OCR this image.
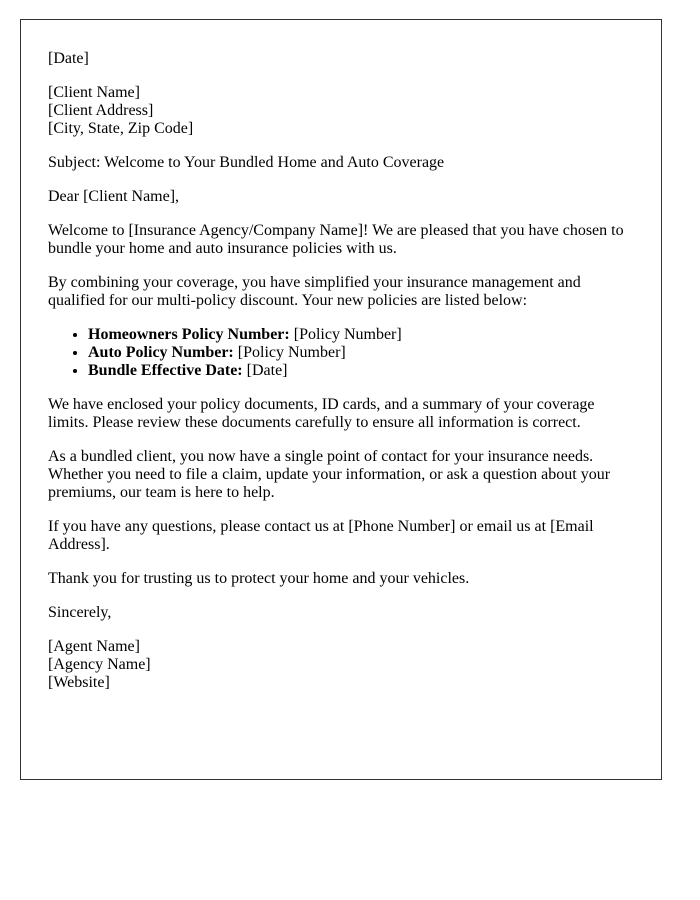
[Date]

[Client Name]
[Client Address]
[City, State, Zip Code]

Subject: Welcome to Your Bundled Home and Auto Coverage

Dear [Client Name],

Welcome to [Insurance Agency/Company Name]! We are pleased that you have chosen to bundle your home and auto insurance policies with us.

By combining your coverage, you have simplified your insurance management and qualified for our multi-policy discount. Your new policies are listed below:

• Homeowners Policy Number: [Policy Number]
• Auto Policy Number: [Policy Number]
• Bundle Effective Date: [Date]

We have enclosed your policy documents, ID cards, and a summary of your coverage limits. Please review these documents carefully to ensure all information is correct.

As a bundled client, you now have a single point of contact for your insurance needs. Whether you need to file a claim, update your information, or ask a question about your premiums, our team is here to help.

If you have any questions, please contact us at [Phone Number] or email us at [Email Address].

Thank you for trusting us to protect your home and your vehicles.

Sincerely,

[Agent Name]
[Agency Name]
[Website]
